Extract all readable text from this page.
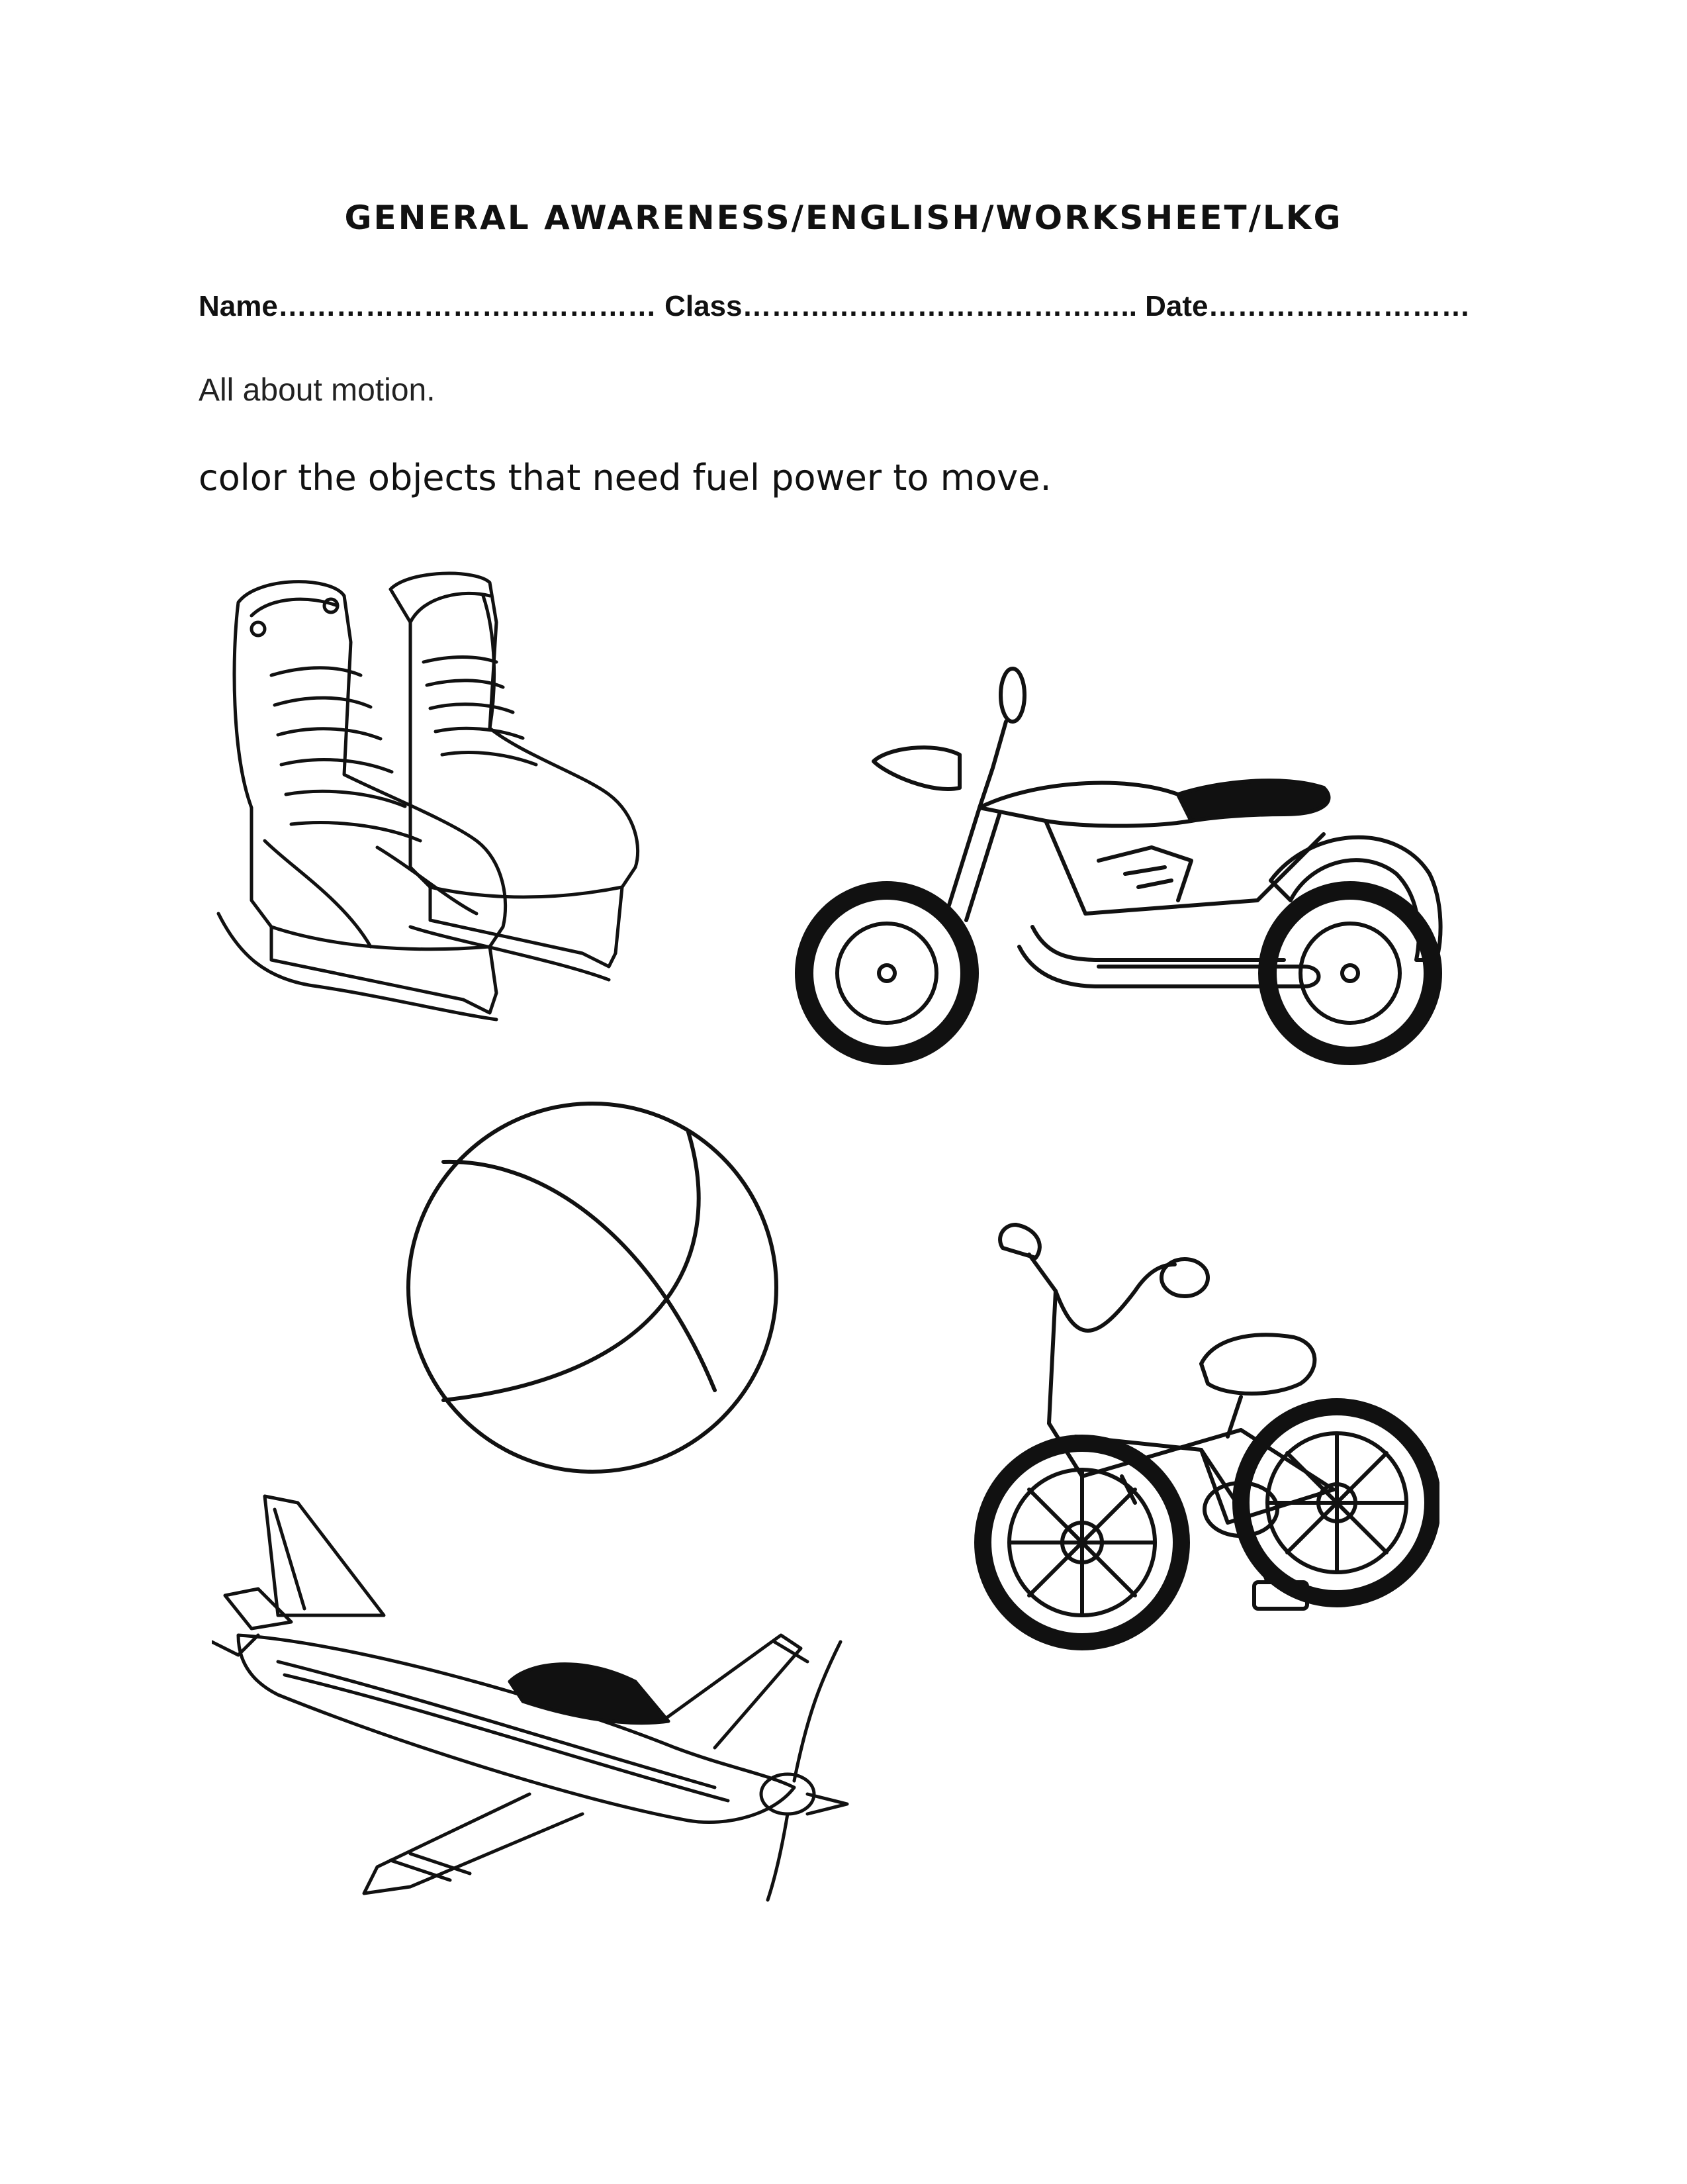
GENERAL AWARENESS/ENGLISH/WORKSHEET/LKG
Name………………………………… Class………………………………….. Date………………………
All about motion.
color the objects that need fuel power to move.
